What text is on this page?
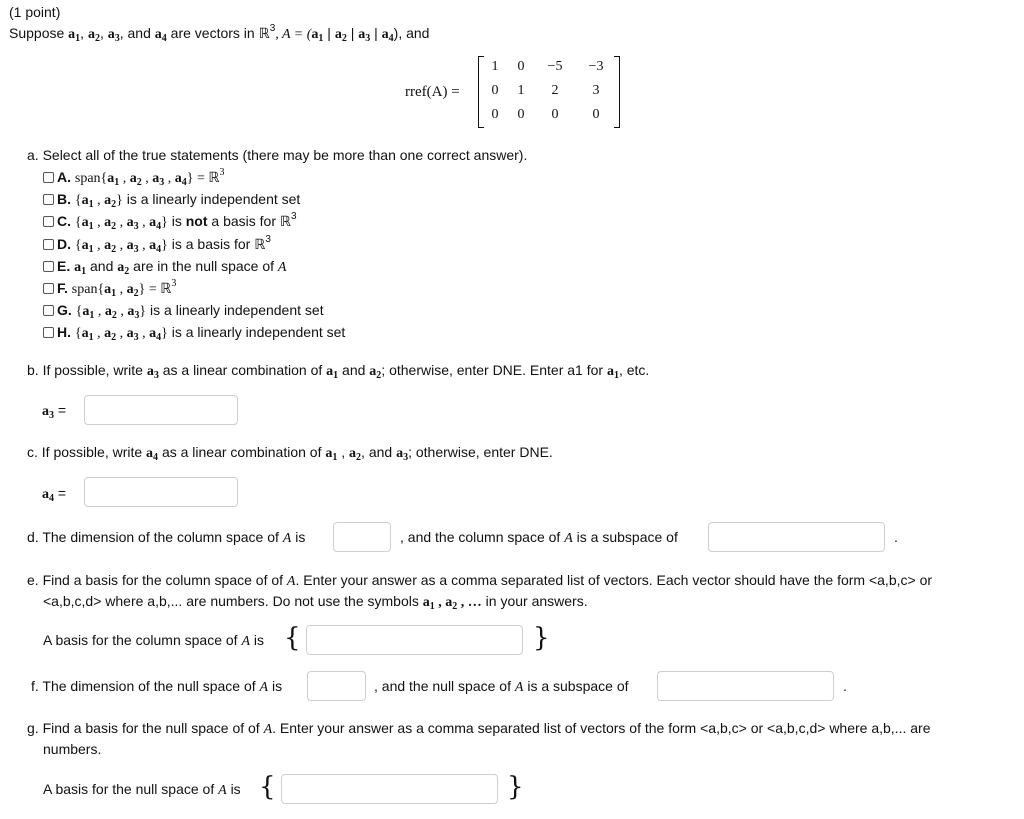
(1 point)
Suppose $a_1$, $a_2$, $a_3$, and $a_4$ are vectors in ℝ$^3$, $A = (a_1$ | $a_2$ | $a_3$ | $a_4$), and
rref(A) =
1	0	−5	−3
0	1	2	3
0	0	0	0
a. Select all of the true statements (there may be more than one correct answer).
A. $span\{a_1$ , $a_2$ , $a_3$ , $a_4$} = ℝ$^3$
B. {$a_1$ , $a_2$} is a linearly independent set
C. {$a_1$ , $a_2$ , $a_3$ , $a_4$} is not a basis for ℝ$^3$
D. {$a_1$ , $a_2$ , $a_3$ , $a_4$} is a basis for ℝ$^3$
E. $a_1$ and $a_2$ are in the null space of A
F. $span\{a_1$ , $a_2$} = ℝ$^3$
G. {$a_1$ , $a_2$ , $a_3$} is a linearly independent set
H. {$a_1$ , $a_2$ , $a_3$ , $a_4$} is a linearly independent set
b. If possible, write $a_3$ as a linear combination of $a_1$ and $a_2$; otherwise, enter DNE. Enter a1 for $a_1$, etc.
$a_3$ =
c. If possible, write $a_4$ as a linear combination of $a_1$ , $a_2$, and $a_3$; otherwise, enter DNE.
$a_4$ =
d. The dimension of the column space of A is	, and the column space of A is a subspace of	.
e. Find a basis for the column space of of A. Enter your answer as a comma separated list of vectors. Each vector should have the form <a,b,c> or
<a,b,c,d> where a,b,... are numbers. Do not use the symbols $a_1$ , $a_2$ , … in your answers.
A basis for the column space of A is {	}
f. The dimension of the null space of A is	, and the null space of A is a subspace of	.
g. Find a basis for the null space of of A. Enter your answer as a comma separated list of vectors of the form <a,b,c> or <a,b,c,d> where a,b,... are
numbers.
A basis for the null space of A is {	}
